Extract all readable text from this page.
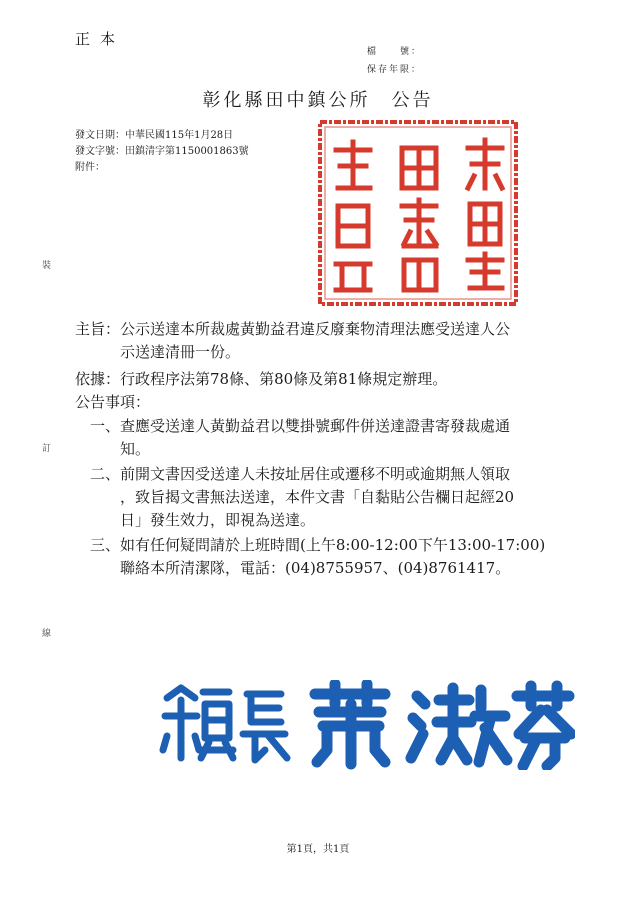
正本
檔　　號：
保存年限：
彰化縣田中鎮公所　公告
發文日期：中華民國115年1月28日
發文字號：田鎮清字第1150001863號
附件：
裝
訂
線
主旨：公示送達本所裁處黃勤益君違反廢棄物清理法應受送達人公
示送達清冊一份。
依據：行政程序法第78條、第80條及第81條規定辦理。
公告事項：
一、查應受送達人黃勤益君以雙掛號郵件併送達證書寄發裁處通
知。
二、前開文書因受送達人未按址居住或遷移不明或逾期無人領取
，致旨揭文書無法送達，本件文書「自黏貼公告欄日起經20
日」發生效力，即視為送達。
三、如有任何疑問請於上班時間(上午8:00-12:00下午13:00-17:00)
聯絡本所清潔隊，電話：(04)8755957、(04)8761417。
第1頁，共1頁
